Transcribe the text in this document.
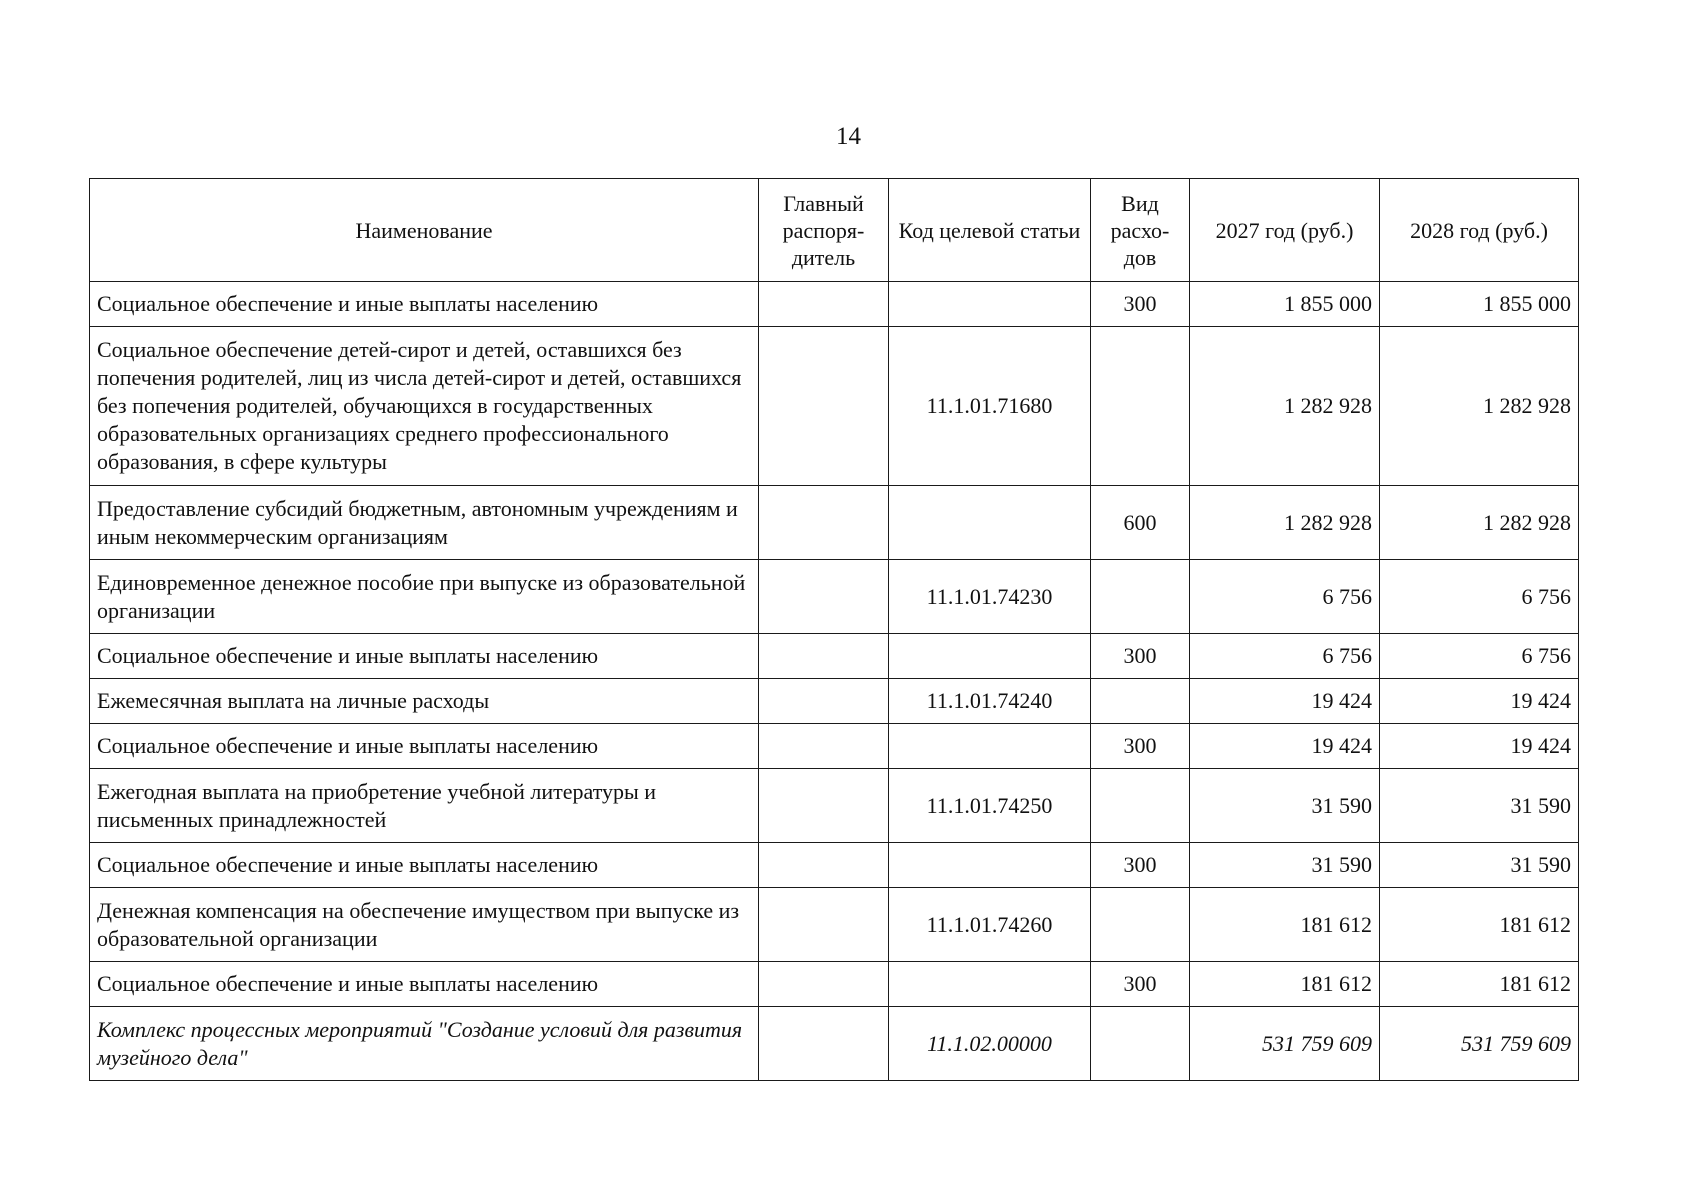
14
Наименование	Главный распоря-дитель	Код целевой статьи	Вид расхо-дов	2027 год (руб.)	2028 год (руб.)
Социальное обеспечение и иные выплаты населению			300	1 855 000	1 855 000
Социальное обеспечение детей-сирот и детей, оставшихся без попечения родителей, лиц из числа детей-сирот и детей, оставшихся без попечения родителей, обучающихся в государственных образовательных организациях среднего профессионального образования, в сфере культуры		11.1.01.71680		1 282 928	1 282 928
Предоставление субсидий бюджетным, автономным учреждениям и иным некоммерческим организациям			600	1 282 928	1 282 928
Единовременное денежное пособие при выпуске из образовательной организации		11.1.01.74230		6 756	6 756
Социальное обеспечение и иные выплаты населению			300	6 756	6 756
Ежемесячная выплата на личные расходы		11.1.01.74240		19 424	19 424
Социальное обеспечение и иные выплаты населению			300	19 424	19 424
Ежегодная выплата на приобретение учебной литературы и письменных принадлежностей		11.1.01.74250		31 590	31 590
Социальное обеспечение и иные выплаты населению			300	31 590	31 590
Денежная компенсация на обеспечение имуществом при выпуске из образовательной организации		11.1.01.74260		181 612	181 612
Социальное обеспечение и иные выплаты населению			300	181 612	181 612
Комплекс процессных мероприятий "Создание условий для развития музейного дела"		11.1.02.00000		531 759 609	531 759 609
